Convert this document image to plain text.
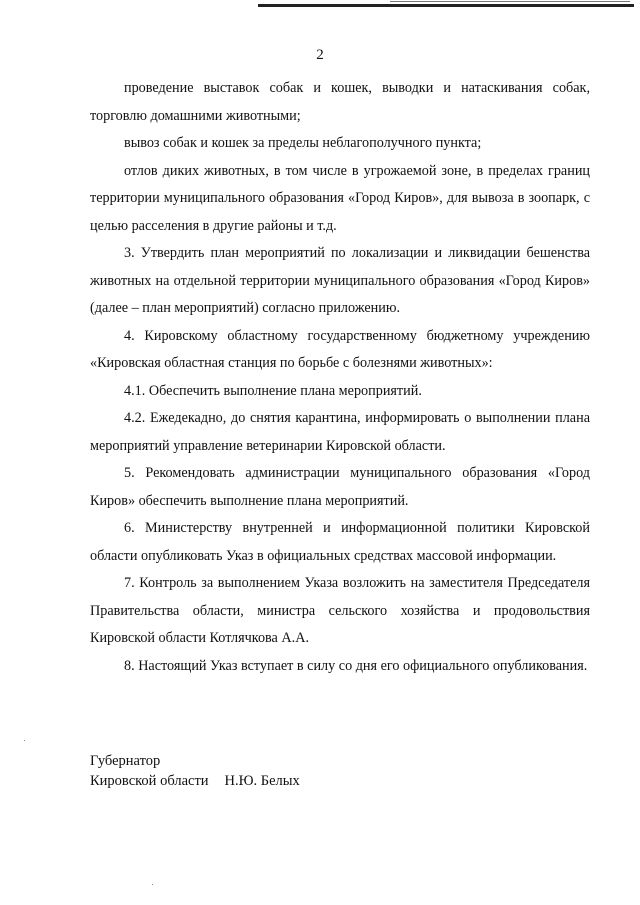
2

проведение выставок собак и кошек, выводки и натаскивания собак, торговлю домашними животными;

вывоз собак и кошек за пределы неблагополучного пункта;

отлов диких животных, в том числе в угрожаемой зоне, в пределах границ территории муниципального образования «Город Киров», для вывоза в зоопарк, с целью расселения в другие районы и т.д.

3. Утвердить план мероприятий по локализации и ликвидации бешенства животных на отдельной территории муниципального образования «Город Киров» (далее – план мероприятий) согласно приложению.

4. Кировскому областному государственному бюджетному учреждению «Кировская областная станция по борьбе с болезнями животных»:

4.1. Обеспечить выполнение плана мероприятий.

4.2. Ежедекадно, до снятия карантина, информировать о выполнении плана мероприятий управление ветеринарии Кировской области.

5. Рекомендовать администрации муниципального образования «Город Киров» обеспечить выполнение плана мероприятий.

6. Министерству внутренней и информационной политики Кировской области опубликовать Указ в официальных средствах массовой информации.

7. Контроль за выполнением Указа возложить на заместителя Председателя Правительства области, министра сельского хозяйства и продовольствия Кировской области Котлячкова А.А.

8. Настоящий Указ вступает в силу со дня его официального опубликования.

Губернатор
Кировской области Н.Ю. Белых
